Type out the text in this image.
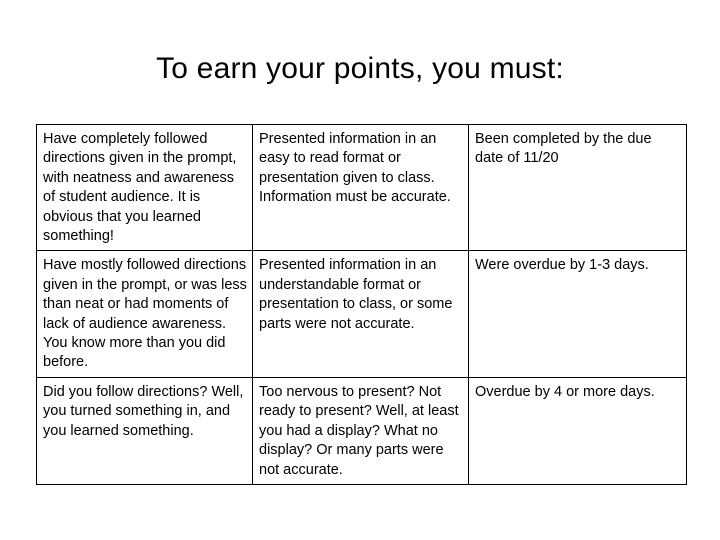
To earn your points, you must:
Have completely followed directions given in the prompt, with neatness and awareness of student audience. It is obvious that you learned something!	Presented information in an easy to read format or presentation given to class. Information must be accurate.	Been completed by the due date of 11/20
Have mostly followed directions given in the prompt, or was less than neat or had moments of lack of audience awareness. You know more than you did before.	Presented information in an understandable format or presentation to class, or some parts were not accurate.	Were overdue by 1-3 days.
Did you follow directions? Well, you turned something in, and you learned something.	Too nervous to present? Not ready to present? Well, at least you had a display? What no display? Or many parts were not accurate.	Overdue by 4 or more days.
